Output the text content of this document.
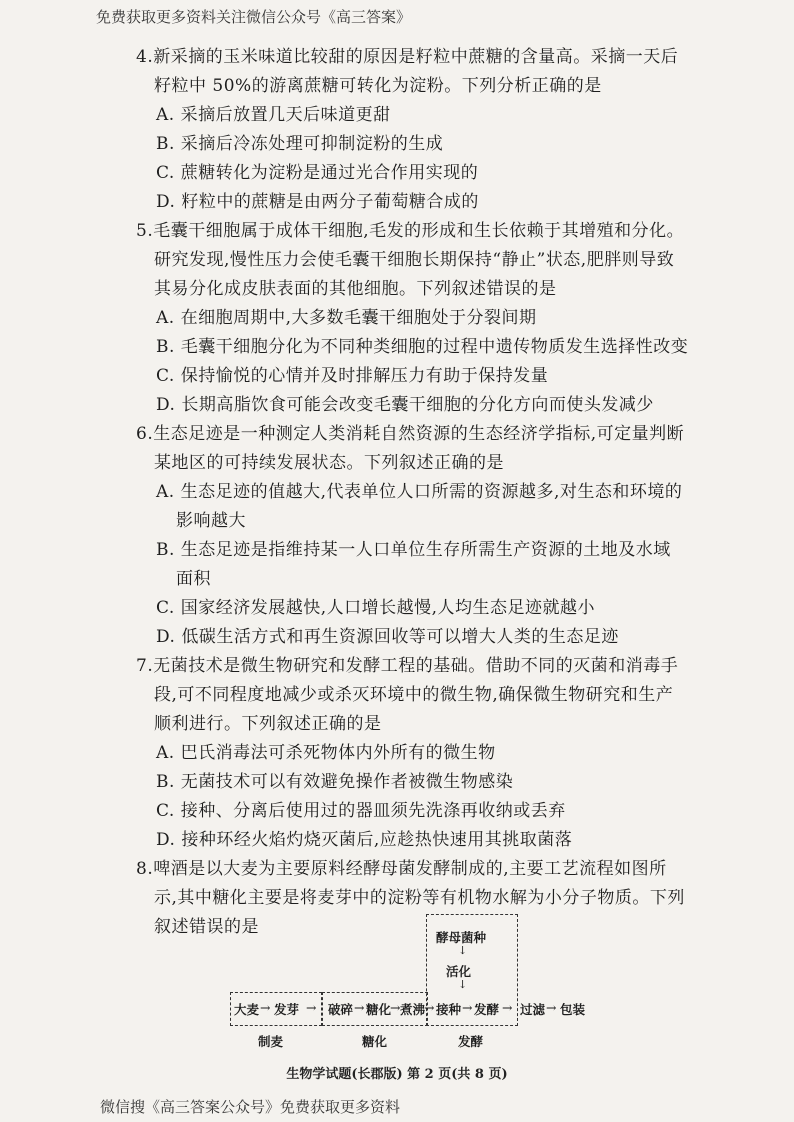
免费获取更多资料关注微信公众号《高三答案》
4.新采摘的玉米味道比较甜的原因是籽粒中蔗糖的含量高。采摘一天后
籽粒中 50%的游离蔗糖可转化为淀粉。下列分析正确的是
A. 采摘后放置几天后味道更甜
B. 采摘后冷冻处理可抑制淀粉的生成
C. 蔗糖转化为淀粉是通过光合作用实现的
D. 籽粒中的蔗糖是由两分子葡萄糖合成的
5.毛囊干细胞属于成体干细胞,毛发的形成和生长依赖于其增殖和分化。
研究发现,慢性压力会使毛囊干细胞长期保持“静止”状态,肥胖则导致
其易分化成皮肤表面的其他细胞。下列叙述错误的是
A. 在细胞周期中,大多数毛囊干细胞处于分裂间期
B. 毛囊干细胞分化为不同种类细胞的过程中遗传物质发生选择性改变
C. 保持愉悦的心情并及时排解压力有助于保持发量
D. 长期高脂饮食可能会改变毛囊干细胞的分化方向而使头发减少
6.生态足迹是一种测定人类消耗自然资源的生态经济学指标,可定量判断
某地区的可持续发展状态。下列叙述正确的是
A. 生态足迹的值越大,代表单位人口所需的资源越多,对生态和环境的
影响越大
B. 生态足迹是指维持某一人口单位生存所需生产资源的土地及水域
面积
C. 国家经济发展越快,人口增长越慢,人均生态足迹就越小
D. 低碳生活方式和再生资源回收等可以增大人类的生态足迹
7.无菌技术是微生物研究和发酵工程的基础。借助不同的灭菌和消毒手
段,可不同程度地减少或杀灭环境中的微生物,确保微生物研究和生产
顺利进行。下列叙述正确的是
A. 巴氏消毒法可杀死物体内外所有的微生物
B. 无菌技术可以有效避免操作者被微生物感染
C. 接种、分离后使用过的器皿须先洗涤再收纳或丢弃
D. 接种环经火焰灼烧灭菌后,应趁热快速用其挑取菌落
8.啤酒是以大麦为主要原料经酵母菌发酵制成的,主要工艺流程如图所
示,其中糖化主要是将麦芽中的淀粉等有机物水解为小分子物质。下列
叙述错误的是
酵母菌种
↓
活化
↓
大麦 → 发芽 → 破碎 → 糖化
→ 煮沸
→ 接种 → 发酵 → 过滤 → 包装
制麦	糖化	发酵
生物学试题(长郡版) 第 2 页(共 8 页)
微信搜《高三答案公众号》免费获取更多资料
